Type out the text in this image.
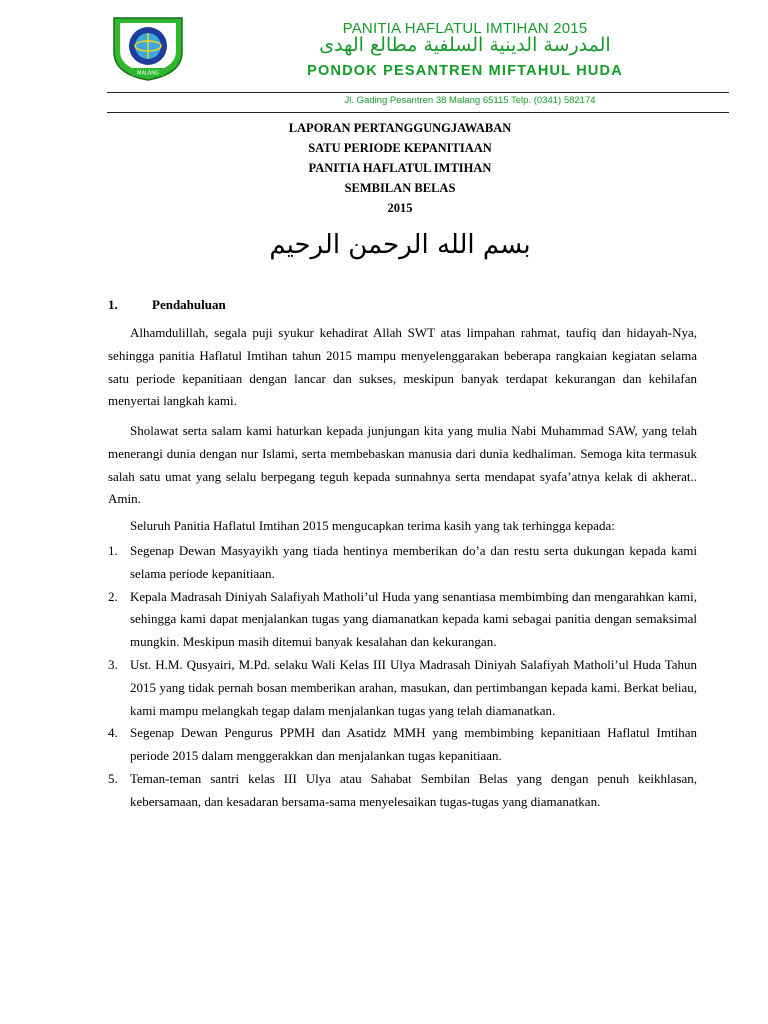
MALANG
PANITIA HAFLATUL IMTIHAN 2015
المدرسة الدينية السلفية مطالع الهدى
PONDOK PESANTREN MIFTAHUL HUDA
Jl. Gading Pesantren 38 Malang 65115 Telp. (0341) 582174
LAPORAN PERTANGGUNGJAWABAN
SATU PERIODE KEPANITIAAN
PANITIA HAFLATUL IMTIHAN
SEMBILAN BELAS
2015
بسم الله الرحمن الرحيم
1.	Pendahuluan
Alhamdulillah, segala puji syukur kehadirat Allah SWT atas limpahan rahmat, taufiq dan hidayah-Nya, sehingga panitia Haflatul Imtihan tahun 2015 mampu menyelenggarakan beberapa rangkaian kegiatan selama satu periode kepanitiaan dengan lancar dan sukses, meskipun banyak terdapat kekurangan dan kehilafan menyertai langkah kami.
Sholawat serta salam kami haturkan kepada junjungan kita yang mulia Nabi Muhammad SAW, yang telah menerangi dunia dengan nur Islami, serta membebaskan manusia dari dunia kedhaliman. Semoga kita termasuk salah satu umat yang selalu berpegang teguh kepada sunnahnya serta mendapat syafa’atnya kelak di akherat.. Amin.
Seluruh Panitia Haflatul Imtihan 2015 mengucapkan terima kasih yang tak terhingga kepada:
1. Segenap Dewan Masyayikh yang tiada hentinya memberikan do’a dan restu serta dukungan kepada kami selama periode kepanitiaan.
2. Kepala Madrasah Diniyah Salafiyah Matholi’ul Huda yang senantiasa membimbing dan mengarahkan kami, sehingga kami dapat menjalankan tugas yang diamanatkan kepada kami sebagai panitia dengan semaksimal mungkin. Meskipun masih ditemui banyak kesalahan dan kekurangan.
3. Ust. H.M. Qusyairi, M.Pd. selaku Wali Kelas III Ulya Madrasah Diniyah Salafiyah Matholi’ul Huda Tahun 2015 yang tidak pernah bosan memberikan arahan, masukan, dan pertimbangan kepada kami. Berkat beliau, kami mampu melangkah tegap dalam menjalankan tugas yang telah diamanatkan.
4. Segenap Dewan Pengurus PPMH dan Asatidz MMH yang membimbing kepanitiaan Haflatul Imtihan periode 2015 dalam menggerakkan dan menjalankan tugas kepanitiaan.
5. Teman-teman santri kelas III Ulya atau Sahabat Sembilan Belas yang dengan penuh keikhlasan, kebersamaan, dan kesadaran bersama-sama menyelesaikan tugas-tugas yang diamanatkan.
